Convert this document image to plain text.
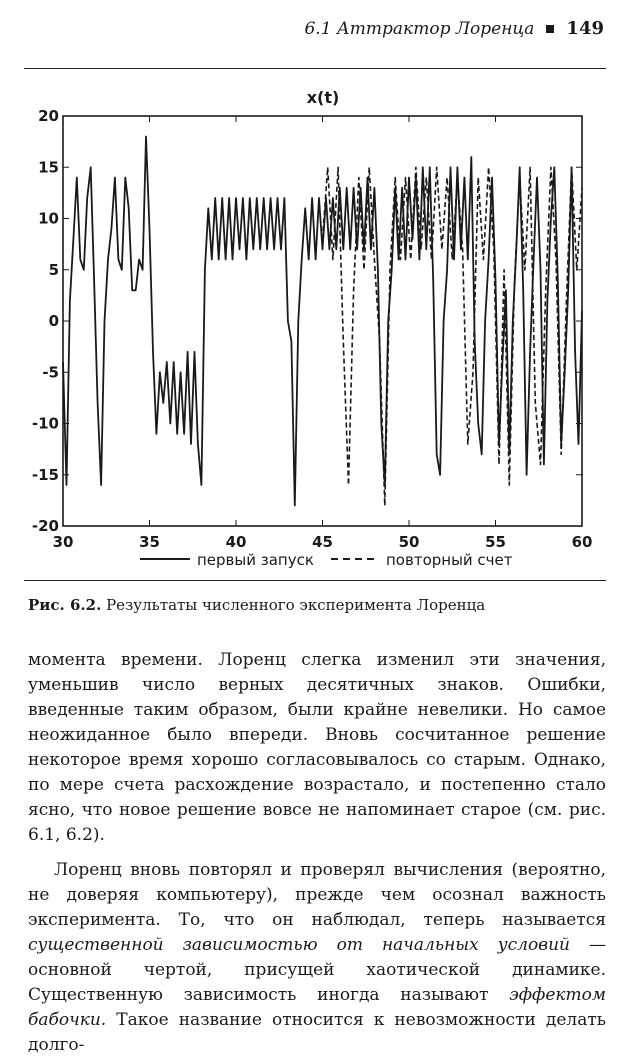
6.1 Аттрактор Лоренца 149
x(t)
30	35	40	45	50	55	60
20
15
10
5
0
-5
-10
-15
-20
первый запуск	повторный счет
Рис. 6.2. Результаты численного эксперимента Лоренца

момента времени. Лоренц слегка изменил эти значения, уменьшив число верных десятичных знаков. Ошибки, введенные таким образом, были крайне невелики. Но самое неожиданное было впереди. Вновь сосчитанное решение некоторое время хорошо согласовывалось со старым. Однако, по мере счета расхождение возрастало, и постепенно стало ясно, что новое решение вовсе не напоминает старое (см. рис. 6.1, 6.2).

Лоренц вновь повторял и проверял вычисления (вероятно, не доверяя компьютеру), прежде чем осознал важность эксперимента. То, что он наблюдал, теперь называется существенной зависимостью от начальных условий — основной чертой, присущей хаотической динамике. Существенную зависимость иногда называют эффектом бабочки. Такое название относится к невозможности делать долго-
